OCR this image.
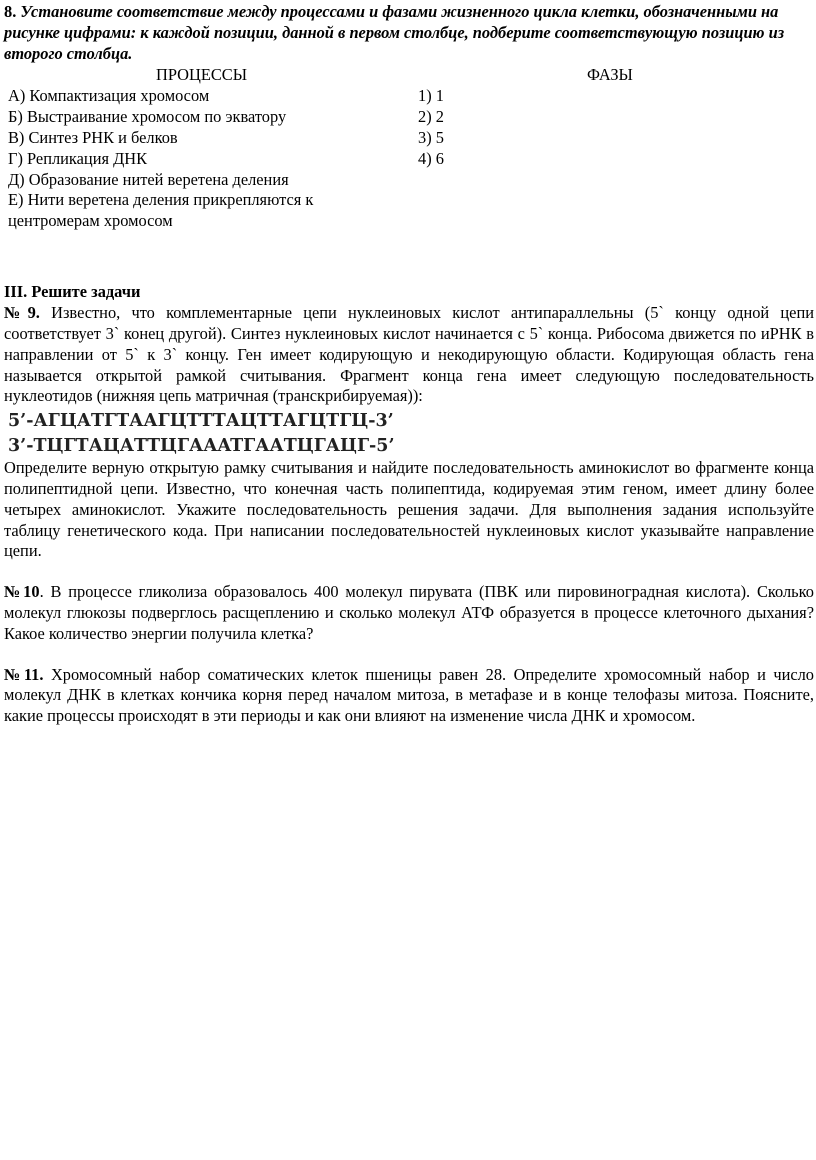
8. Установите соответствие между процессами и фазами жизненного цикла клетки, обозначенными на рисунке цифрами: к каждой позиции, данной в первом столбце, подберите соответствующую позицию из второго столбца.
ПРОЦЕССЫ	ФАЗЫ
А) Компактизация хромосом
Б) Выстраивание хромосом по экватору
В) Синтез РНК и белков
Г) Репликация ДНК
Д) Образование нитей веретена деления
Е) Нити веретена деления прикрепляются к центромерам хромосом
1) 1
2) 2
3) 5
4) 6
III. Решите задачи
№9. Известно, что комплементарные цепи нуклеиновых кислот антипараллельны (5` концу одной цепи соответствует 3` конец другой). Синтез нуклеиновых кислот начинается с 5` конца. Рибосома движется по иРНК в направлении от 5` к 3` концу. Ген имеет кодирующую и некодирующую области. Кодирующая область гена называется открытой рамкой считывания. Фрагмент конца гена имеет следующую последовательность нуклеотидов (нижняя цепь матричная (транскрибируемая)):
5’-АГЦАТГТААГЦТТТАЦТТАГЦТГЦ-3’
3’-ТЦГТАЦАТТЦГААATГААТЦГАЦГ-5’
Определите верную открытую рамку считывания и найдите последовательность аминокислот во фрагменте конца полипептидной цепи. Известно, что конечная часть полипептида, кодируемая этим геном, имеет длину более четырех аминокислот. Укажите последовательность решения задачи. Для выполнения задания используйте таблицу генетического кода. При написании последовательностей нуклеиновых кислот указывайте направление цепи.
№10. В процессе гликолиза образовалось 400 молекул пирувата (ПВК или пировиноградная кислота). Сколько молекул глюкозы подверглось расщеплению и сколько молекул АТФ образуется в процессе клеточного дыхания? Какое количество энергии получила клетка?
№11. Хромосомный набор соматических клеток пшеницы равен 28. Определите хромосомный набор и число молекул ДНК в клетках кончика корня перед началом митоза, в метафазе и в конце телофазы митоза. Поясните, какие процессы происходят в эти периоды и как они влияют на изменение числа ДНК и хромосом.
